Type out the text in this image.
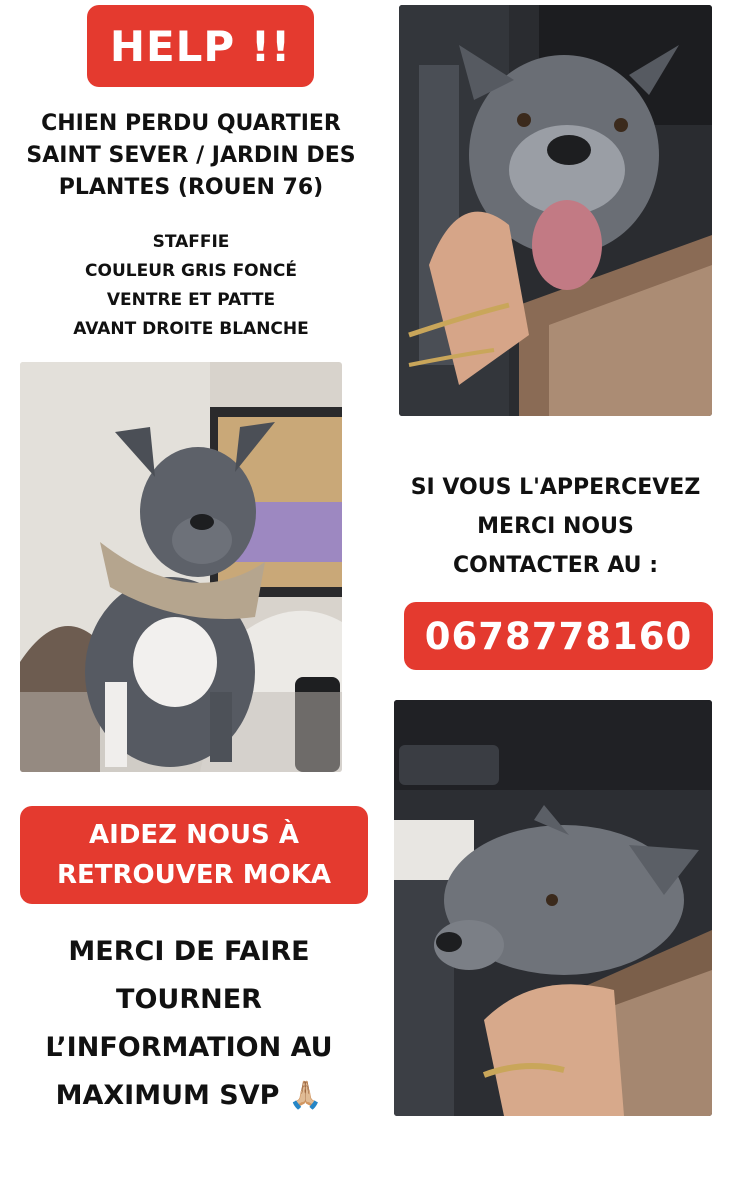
HELP !!
CHIEN PERDU QUARTIER
SAINT SEVER / JARDIN DES
PLANTES (ROUEN 76)
STAFFIE
COULEUR GRIS FONCÉ
VENTRE ET PATTE
AVANT DROITE BLANCHE
SI VOUS L'APPERCEVEZ
MERCI NOUS
CONTACTER AU :
0678778160
AIDEZ NOUS À
RETROUVER MOKA
MERCI DE FAIRE
TOURNER
L’INFORMATION AU
MAXIMUM SVP 🙏🏼
